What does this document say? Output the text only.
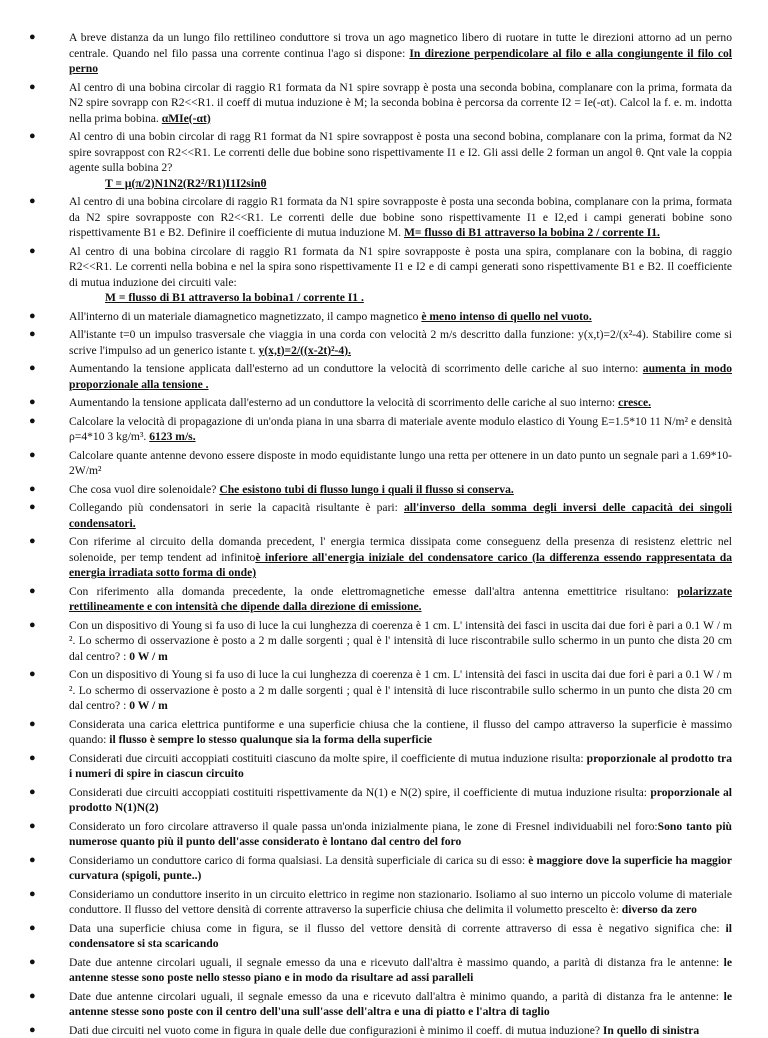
●	A breve distanza da un lungo filo rettilineo conduttore si trova un ago magnetico libero di ruotare in tutte le direzioni attorno ad un perno centrale. Quando nel filo passa una corrente continua l'ago si dispone: In direzione perpendicolare al filo e alla congiungente il filo col perno
●	Al centro di una bobina circolar di raggio R1 formata da N1 spire sovrapp è posta una seconda bobina, complanare con la prima, formata da N2 spire sovrapp con R2<<R1. il coeff di mutua induzione è M; la seconda bobina è percorsa da corrente I2 = Ie(-αt). Calcol la f. e. m. indotta nella prima bobina. αMIe(-αt)
●	Al centro di una bobin circolar di ragg R1 format da N1 spire sovrappost è posta una second bobina, complanare con la prima, format da N2 spire sovrappost con R2<<R1. Le correnti delle due bobine sono rispettivamente I1 e I2. Gli assi delle 2 forman un angol θ. Qnt vale la coppia agente sulla bobina 2?
T = μ(π/2)N1N2(R2²/R1)I1I2sinθ
●	Al centro di una bobina circolare di raggio R1 formata da N1 spire sovrapposte è posta una seconda bobina, complanare con la prima, formata da N2 spire sovrapposte con R2<<R1. Le correnti delle due bobine sono rispettivamente I1 e I2,ed i campi generati bobine sono rispettivamente B1 e B2. Definire il coefficiente di mutua induzione M. M= flusso di B1 attraverso la bobina 2 / corrente I1.
●	Al centro di una bobina circolare di raggio R1 formata da N1 spire sovrapposte è posta una spira, complanare con la bobina, di raggio R2<<R1. Le correnti nella bobina e nel la spira sono rispettivamente I1 e I2 e di campi generati sono rispettivamente B1 e B2. Il coefficiente di mutua induzione dei circuiti vale:
M = flusso di B1 attraverso la bobina1 / corrente I1 .
●	All'interno di un materiale diamagnetico magnetizzato, il campo magnetico è meno intenso di quello nel vuoto.
●	All'istante t=0 un impulso trasversale che viaggia in una corda con velocità 2 m/s descritto dalla funzione: y(x,t)=2/(x²-4). Stabilire come si scrive l'impulso ad un generico istante t. y(x,t)=2/((x-2t)²-4).
●	Aumentando la tensione applicata dall'esterno ad un conduttore la velocità di scorrimento delle cariche al suo interno: aumenta in modo proporzionale alla tensione .
●	Aumentando la tensione applicata dall'esterno ad un conduttore la velocità di scorrimento delle cariche al suo interno: cresce.
●	Calcolare la velocità di propagazione di un'onda piana in una sbarra di materiale avente modulo elastico di Young E=1.5*10 11 N/m² e densità ρ=4*10 3 kg/m³. 6123 m/s.
●	Calcolare quante antenne devono essere disposte in modo equidistante lungo una retta per ottenere in un dato punto un segnale pari a 1.69*10-2W/m²
●	Che cosa vuol dire solenoidale? Che esistono tubi di flusso lungo i quali il flusso si conserva.
●	Collegando più condensatori in serie la capacità risultante è pari: all'inverso della somma degli inversi delle capacità dei singoli condensatori.
●	Con riferime al circuito della domanda precedent, l' energia termica dissipata come conseguenz della presenza di resistenz elettric nel solenoide, per temp tendent ad infinitoè inferiore all'energia iniziale del condensatore carico (la differenza essendo rappresentata da energia irradiata sotto forma di onde)
●	Con riferimento alla domanda precedente, la onde elettromagnetiche emesse dall'altra antenna emettitrice risultano: polarizzate rettilineamente e con intensità che dipende dalla direzione di emissione.
●	Con un dispositivo di Young si fa uso di luce la cui lunghezza di coerenza è 1 cm. L' intensità dei fasci in uscita dai due fori è pari a 0.1 W / m ². Lo schermo di osservazione è posto a 2 m dalle sorgenti ; qual è l' intensità di luce riscontrabile sullo schermo in un punto che dista 20 cm dal centro? : 0 W / m
●	Con un dispositivo di Young si fa uso di luce la cui lunghezza di coerenza è 1 cm. L' intensità dei fasci in uscita dai due fori è pari a 0.1 W / m ². Lo schermo di osservazione è posto a 2 m dalle sorgenti ; qual è l' intensità di luce riscontrabile sullo schermo in un punto che dista 20 cm dal centro? : 0 W / m
●	Considerata una carica elettrica puntiforme e una superficie chiusa che la contiene, il flusso del campo attraverso la superficie è massimo quando: il flusso è sempre lo stesso qualunque sia la forma della superficie
●	Considerati due circuiti accoppiati costituiti ciascuno da molte spire, il coefficiente di mutua induzione risulta: proporzionale al prodotto tra i numeri di spire in ciascun circuito
●	Considerati due circuiti accoppiati costituiti rispettivamente da N(1) e N(2) spire, il coefficiente di mutua induzione risulta: proporzionale al prodotto N(1)N(2)
●	Considerato un foro circolare attraverso il quale passa un'onda inizialmente piana, le zone di Fresnel individuabili nel foro:Sono tanto più numerose quanto più il punto dell'asse considerato è lontano dal centro del foro
●	Consideriamo un conduttore carico di forma qualsiasi. La densità superficiale di carica su di esso: è maggiore dove la superficie ha maggior curvatura (spigoli, punte..)
●	Consideriamo un conduttore inserito in un circuito elettrico in regime non stazionario. Isoliamo al suo interno un piccolo volume di materiale conduttore. Il flusso del vettore densità di corrente attraverso la superficie chiusa che delimita il volumetto prescelto è: diverso da zero
●	Data una superficie chiusa come in figura, se il flusso del vettore densità di corrente attraverso di essa è negativo significa che: il condensatore si sta scaricando
●	Date due antenne circolari uguali, il segnale emesso da una e ricevuto dall'altra è massimo quando, a parità di distanza fra le antenne: le antenne stesse sono poste nello stesso piano e in modo da risultare ad assi paralleli
●	Date due antenne circolari uguali, il segnale emesso da una e ricevuto dall'altra è minimo quando, a parità di distanza fra le antenne: le antenne stesse sono poste con il centro dell'una sull'asse dell'altra e una di piatto e l'altra di taglio
●	Dati due circuiti nel vuoto come in figura in quale delle due configurazioni è minimo il coeff. di mutua induzione? In quello di sinistra
